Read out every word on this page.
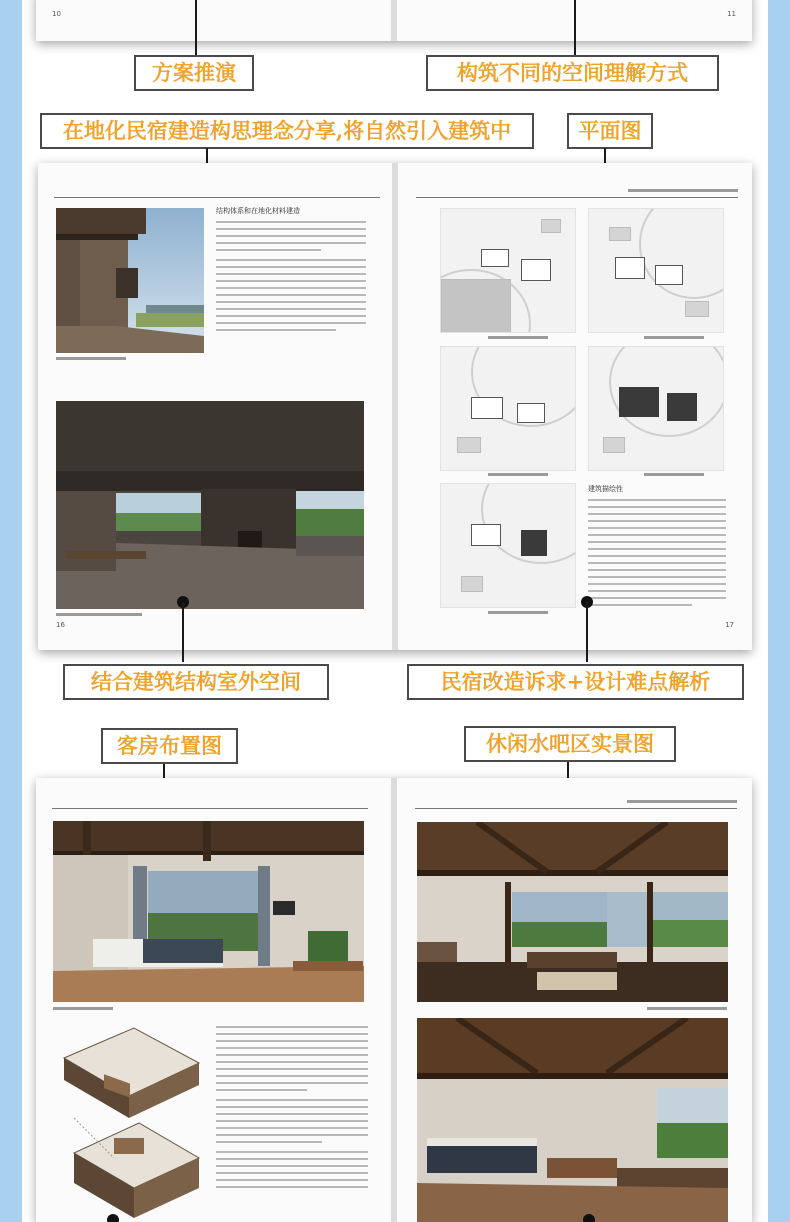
10	11
方案推演	构筑不同的空间理解方式
在地化民宿建造构思理念分享,将自然引入建筑中	平面图
结构体系和在地化材料建造
16
建筑描绘性
17
结合建筑结构室外空间	民宿改造诉求+设计难点解析
客房布置图	休闲水吧区实景图
